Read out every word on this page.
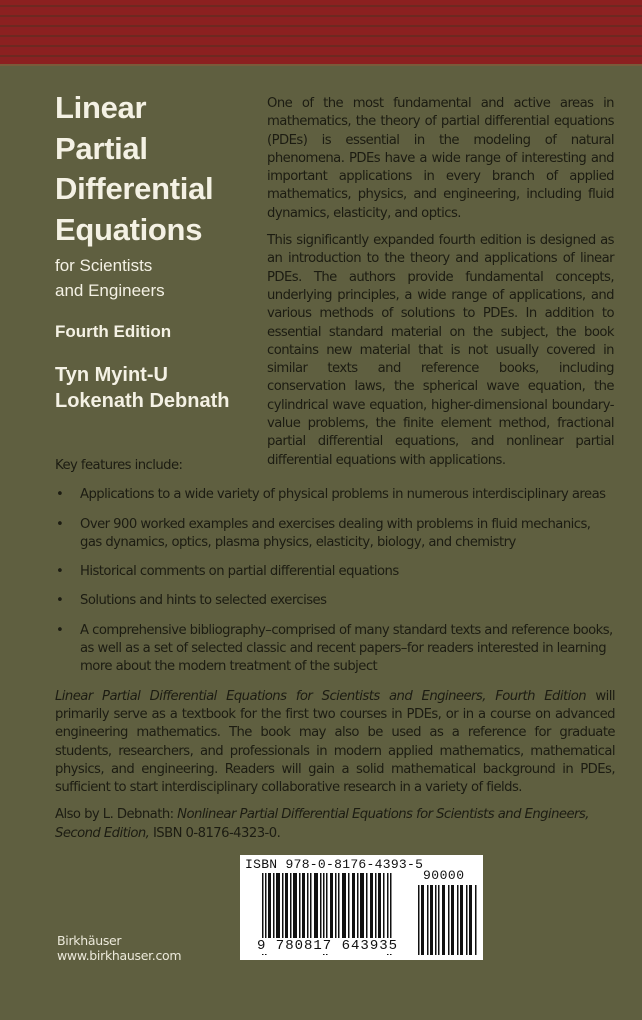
Linear
Partial
Differential
Equations
for Scientists
and Engineers
Fourth Edition
Tyn Myint-U
Lokenath Debnath

One of the most fundamental and active areas in mathematics, the theory of partial differential equations (PDEs) is essential in the modeling of natural phenomena. PDEs have a wide range of interesting and important applications in every branch of applied mathematics, physics, and engineering, including fluid dynamics, elasticity, and optics.

This significantly expanded fourth edition is designed as an introduction to the theory and applications of linear PDEs. The authors provide fundamental concepts, underlying principles, a wide range of applications, and various methods of solutions to PDEs. In addition to essential standard material on the subject, the book contains new material that is not usually covered in similar texts and reference books, including conservation laws, the spherical wave equation, the cylindrical wave equation, higher-dimensional boundary-value problems, the finite element method, fractional partial differential equations, and nonlinear partial differential equations with applications.

Key features include:

• Applications to a wide variety of physical problems in numerous interdisciplinary areas
• Over 900 worked examples and exercises dealing with problems in fluid mechanics, gas dynamics, optics, plasma physics, elasticity, biology, and chemistry
• Historical comments on partial differential equations
• Solutions and hints to selected exercises
• A comprehensive bibliography–comprised of many standard texts and reference books, as well as a set of selected classic and recent papers–for readers interested in learning more about the modern treatment of the subject

Linear Partial Differential Equations for Scientists and Engineers, Fourth Edition will primarily serve as a textbook for the first two courses in PDEs, or in a course on advanced engineering mathematics. The book may also be used as a reference for graduate students, researchers, and professionals in modern applied mathematics, mathematical physics, and engineering. Readers will gain a solid mathematical background in PDEs, sufficient to start interdisciplinary collaborative research in a variety of fields.

Also by L. Debnath: Nonlinear Partial Differential Equations for Scientists and Engineers, Second Edition, ISBN 0-8176-4323-0.

ISBN 978-0-8176-4393-5
90000
9 780817 643935
Birkhäuser
www.birkhauser.com
